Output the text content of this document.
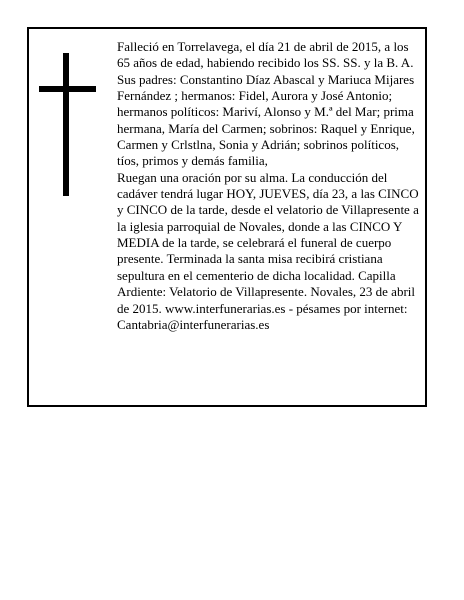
Falleció en Torrelavega, el día 21 de abril de 2015, a los 65 años de edad, habiendo recibido los SS. SS. y la B. A.

Sus padres: Constantino Díaz Abascal y Mariuca Mijares Fernández ; hermanos: Fidel, Aurora y José Antonio; hermanos políticos: Mariví, Alonso y M.ª del Mar; prima hermana, María del Carmen; sobrinos: Raquel y Enrique, Carmen y Crlstlna, Sonia y Adrián; sobrinos políticos, tíos, primos y demás familia,

Ruegan una oración por su alma. La conducción del cadáver tendrá lugar HOY, JUEVES, día 23, a las CINCO y CINCO de la tarde, desde el velatorio de Villapresente a la iglesia parroquial de Novales, donde a las CINCO Y MEDIA de la tarde, se celebrará el funeral de cuerpo presente. Terminada la santa misa recibirá cristiana sepultura en el cementerio de dicha localidad. Capilla Ardiente: Velatorio de Villapresente. Novales, 23 de abril de 2015. www.interfunerarias.es - pésames por internet: Cantabria@interfunerarias.es
